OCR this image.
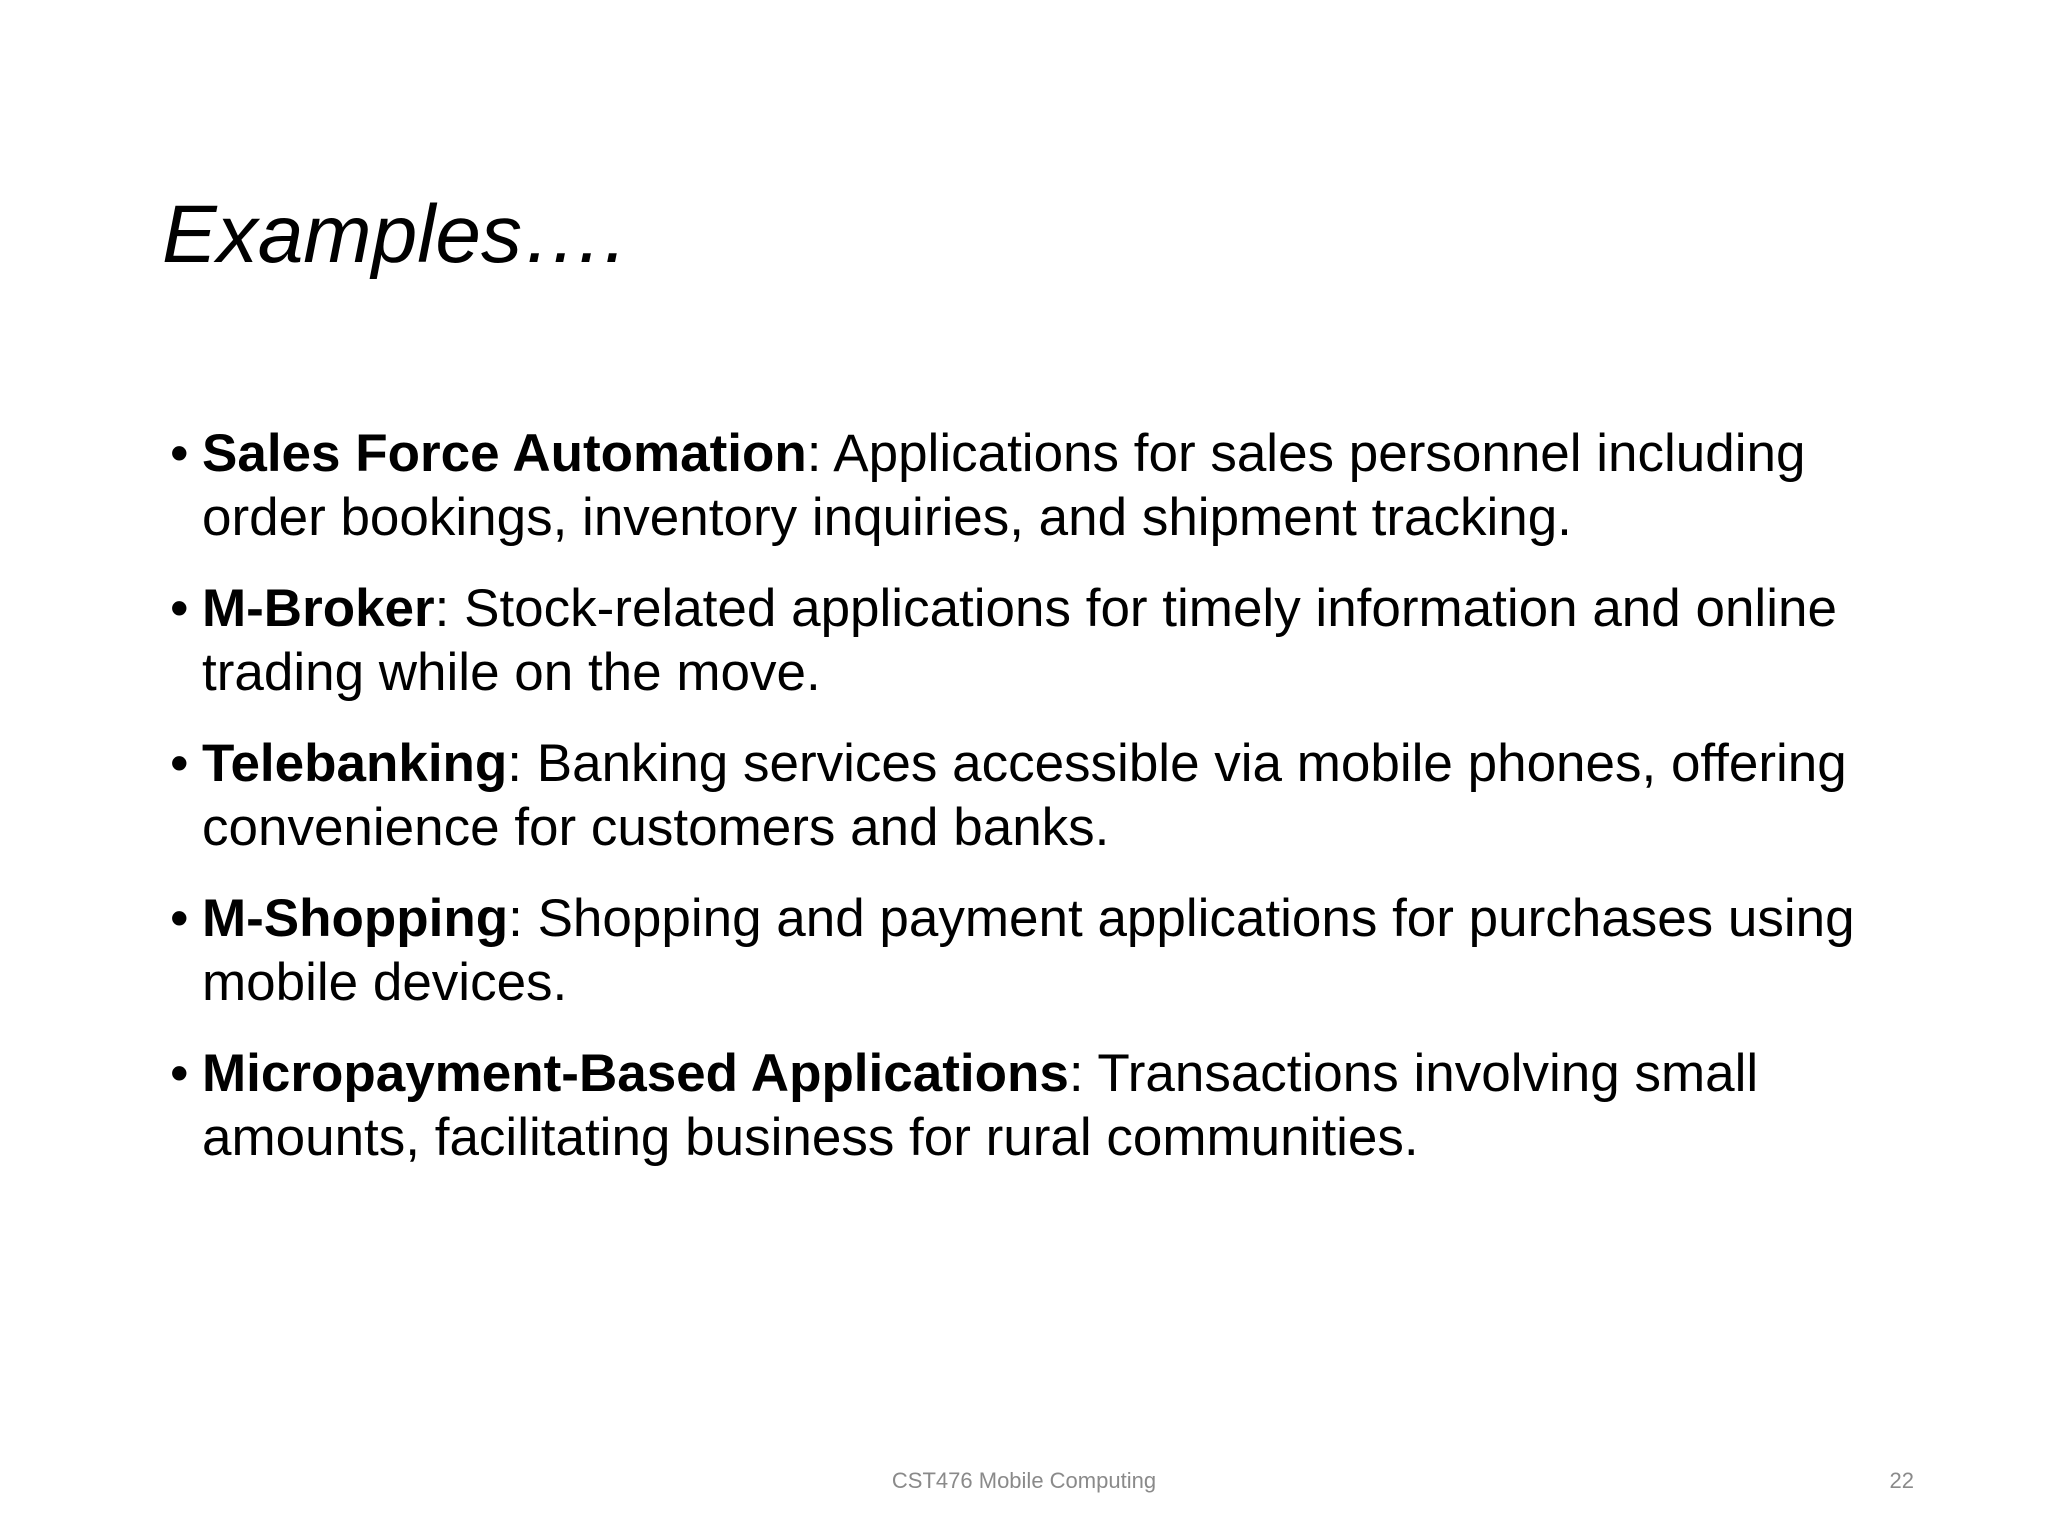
Examples….
• Sales Force Automation: Applications for sales personnel including order bookings, inventory inquiries, and shipment tracking.
• M-Broker: Stock-related applications for timely information and online trading while on the move.
• Telebanking: Banking services accessible via mobile phones, offering convenience for customers and banks.
• M-Shopping: Shopping and payment applications for purchases using mobile devices.
• Micropayment-Based Applications: Transactions involving small amounts, facilitating business for rural communities.
CST476 Mobile Computing	22
